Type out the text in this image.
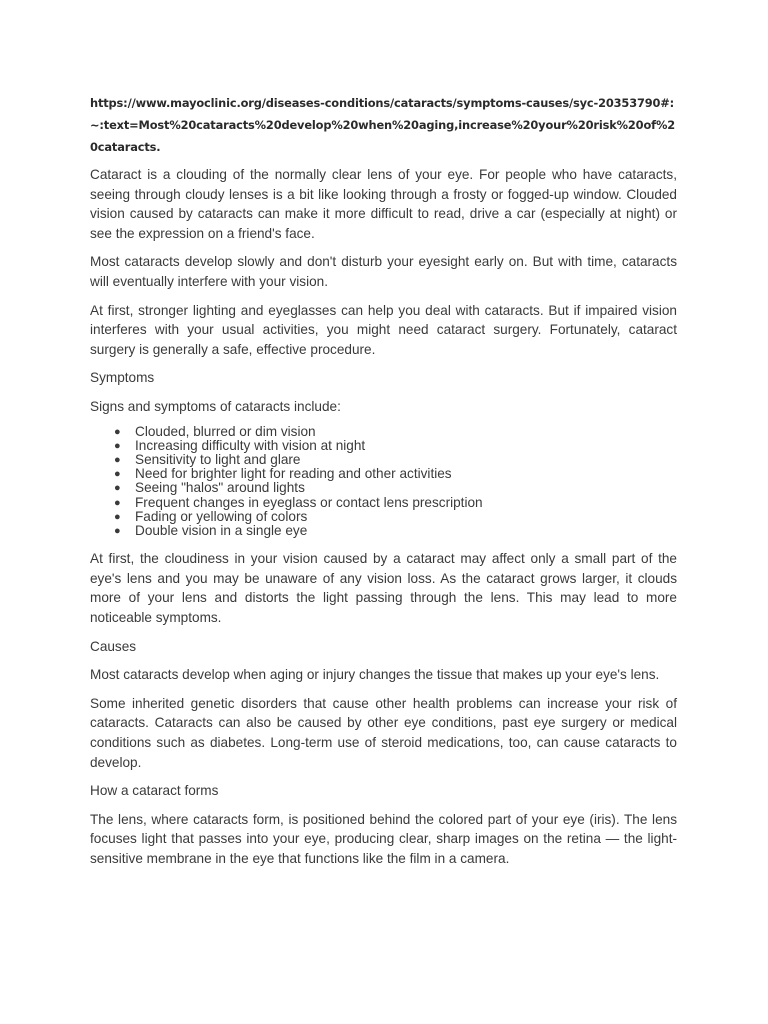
https://www.mayoclinic.org/diseases-conditions/cataracts/symptoms-causes/syc-20353790#:~:text=Most%20cataracts%20develop%20when%20aging,increase%20your%20risk%20of%20cataracts.

Cataract is a clouding of the normally clear lens of your eye. For people who have cataracts, seeing through cloudy lenses is a bit like looking through a frosty or fogged-up window. Clouded vision caused by cataracts can make it more difficult to read, drive a car (especially at night) or see the expression on a friend's face.

Most cataracts develop slowly and don't disturb your eyesight early on. But with time, cataracts will eventually interfere with your vision.

At first, stronger lighting and eyeglasses can help you deal with cataracts. But if impaired vision interferes with your usual activities, you might need cataract surgery. Fortunately, cataract surgery is generally a safe, effective procedure.

Symptoms

Signs and symptoms of cataracts include:

● Clouded, blurred or dim vision
● Increasing difficulty with vision at night
● Sensitivity to light and glare
● Need for brighter light for reading and other activities
● Seeing "halos" around lights
● Frequent changes in eyeglass or contact lens prescription
● Fading or yellowing of colors
● Double vision in a single eye

At first, the cloudiness in your vision caused by a cataract may affect only a small part of the eye's lens and you may be unaware of any vision loss. As the cataract grows larger, it clouds more of your lens and distorts the light passing through the lens. This may lead to more noticeable symptoms.

Causes

Most cataracts develop when aging or injury changes the tissue that makes up your eye's lens.

Some inherited genetic disorders that cause other health problems can increase your risk of cataracts. Cataracts can also be caused by other eye conditions, past eye surgery or medical conditions such as diabetes. Long-term use of steroid medications, too, can cause cataracts to develop.

How a cataract forms

The lens, where cataracts form, is positioned behind the colored part of your eye (iris). The lens focuses light that passes into your eye, producing clear, sharp images on the retina — the light-sensitive membrane in the eye that functions like the film in a camera.
